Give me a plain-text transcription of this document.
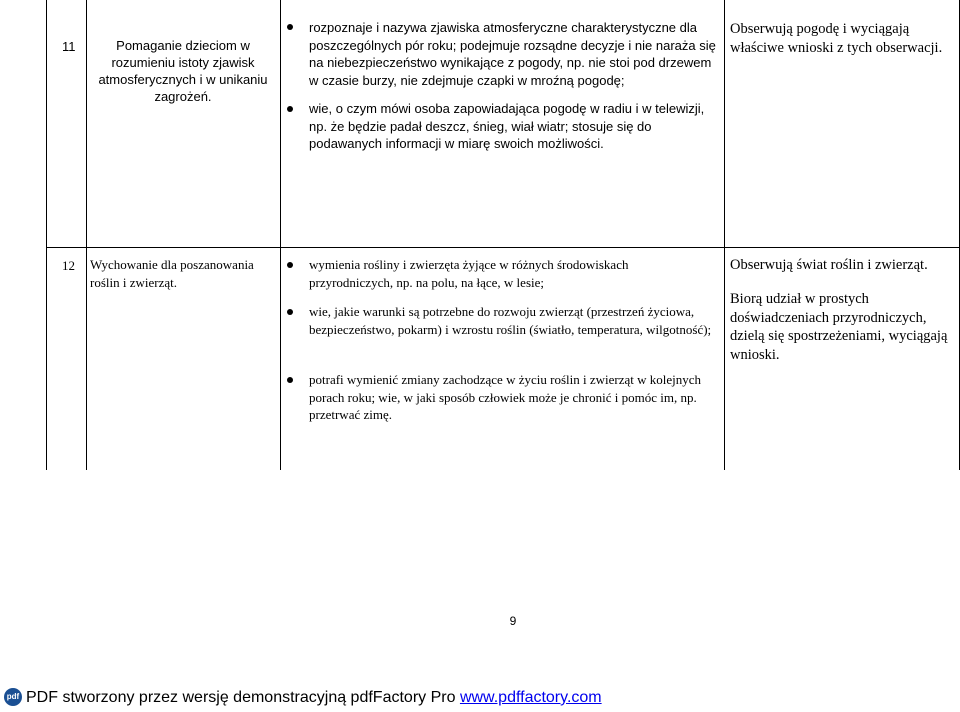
11	Pomaganie dzieciom w rozumieniu istoty zjawisk atmosferycznych i w unikaniu zagrożeń.
rozpoznaje i nazywa zjawiska atmosferyczne charakterystyczne dla poszczególnych pór roku; podejmuje rozsądne decyzje i nie naraża się na niebezpieczeństwo wynikające z pogody, np. nie stoi pod drzewem w czasie burzy, nie zdejmuje czapki w mroźną pogodę;
wie, o czym mówi osoba zapowiadająca pogodę w radiu i w telewizji, np. że będzie padał deszcz, śnieg, wiał wiatr; stosuje się do podawanych informacji w miarę swoich możliwości.
Obserwują pogodę i wyciągają właściwe wnioski z tych obserwacji.
12 Wychowanie dla poszanowania roślin i zwierząt.
wymienia rośliny i zwierzęta żyjące w różnych środowiskach przyrodniczych, np. na polu, na łące, w lesie;
wie, jakie warunki są potrzebne do rozwoju zwierząt (przestrzeń życiowa, bezpieczeństwo, pokarm) i wzrostu roślin (światło, temperatura, wilgotność);
potrafi wymienić zmiany zachodzące w życiu roślin i zwierząt w kolejnych porach roku; wie, w jaki sposób człowiek może je chronić i pomóc im, np. przetrwać zimę.
Obserwują świat roślin i zwierząt.
Biorą udział w prostych doświadczeniach przyrodniczych, dzielą się spostrzeżeniami, wyciągają wnioski.
9
pdf PDF stworzony przez wersję demonstracyjną pdfFactory Pro www.pdffactory.com
